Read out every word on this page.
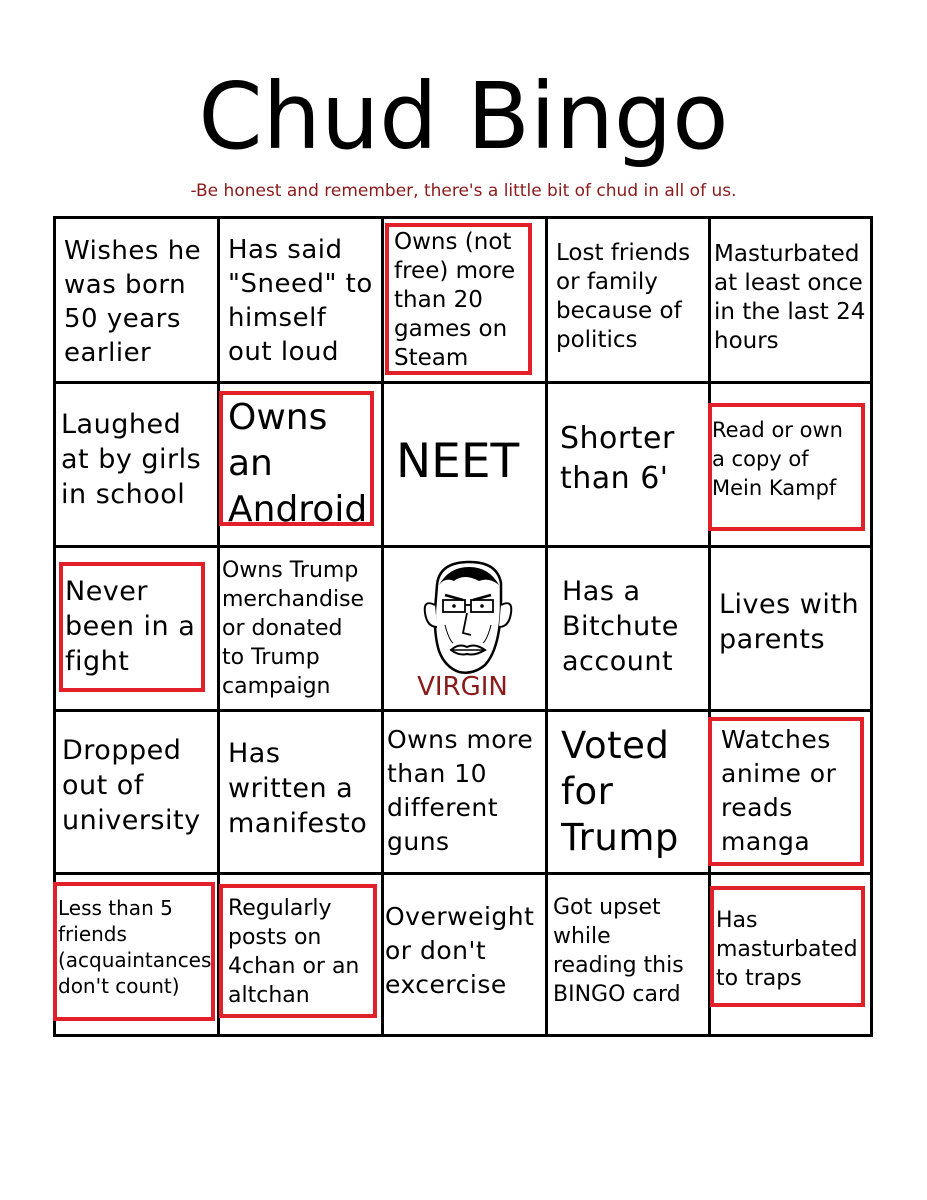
Chud Bingo
-Be honest and remember, there's a little bit of chud in all of us.
Wishes he
was born
50 years
earlier
Has said
"Sneed" to
himself
out loud
Owns (not
free) more
than 20
games on
Steam
Lost friends
or family
because of
politics
Masturbated
at least once
in the last 24
hours
Laughed
at by girls
in school
Owns
an
Android
NEET	Shorter
than 6'
Read or own
a copy of
Mein Kampf
Never
been in a
fight
Owns Trump
merchandise
or donated
to Trump
campaign	VIRGIN
Has a
Bitchute
account
Lives with
parents
Dropped
out of
university
Has
written a
manifesto
Owns more
than 10
different
guns
Voted
for
Trump
Watches
anime or
reads
manga
Less than 5
friends
(acquaintances
don't count)
Regularly
posts on
4chan or an
altchan
Overweight
or don't
excercise
Got upset
while
reading this
BINGO card
Has
masturbated
to traps
